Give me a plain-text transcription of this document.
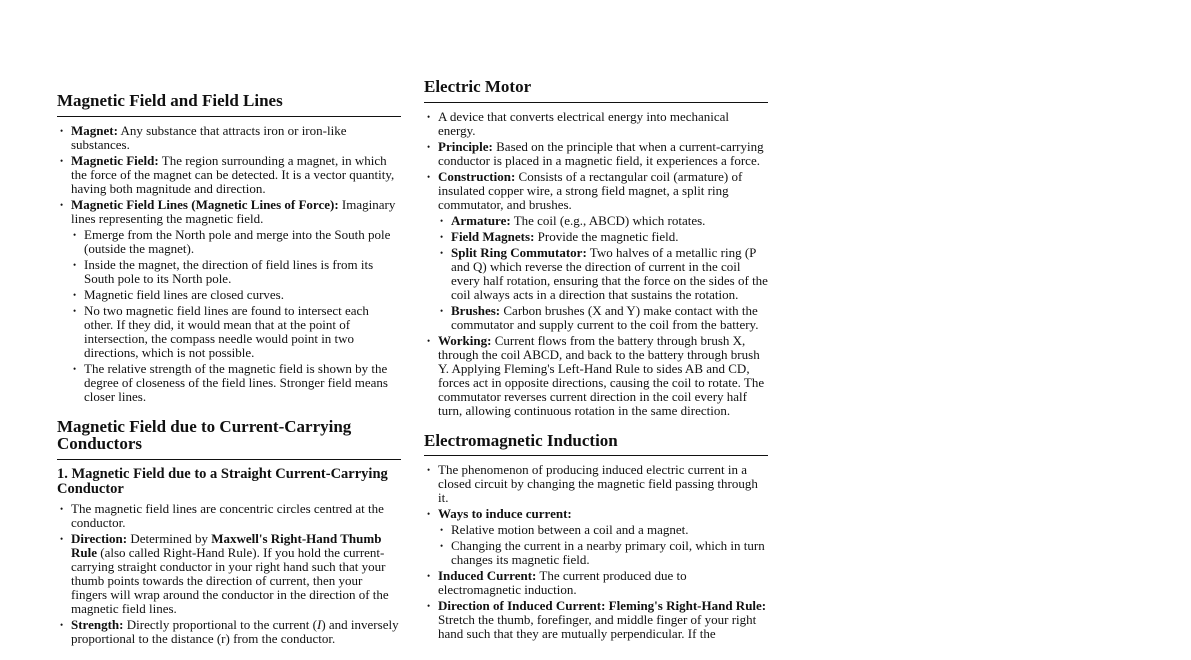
Magnetic Field and Field Lines
• Magnet: Any substance that attracts iron or iron-like substances.
• Magnetic Field: The region surrounding a magnet, in which the force of the magnet can be detected. It is a vector quantity, having both magnitude and direction.
• Magnetic Field Lines (Magnetic Lines of Force): Imaginary lines representing the magnetic field.
• Emerge from the North pole and merge into the South pole (outside the magnet).
• Inside the magnet, the direction of field lines is from its South pole to its North pole.
• Magnetic field lines are closed curves.
• No two magnetic field lines are found to intersect each other. If they did, it would mean that at the point of intersection, the compass needle would point in two directions, which is not possible.
• The relative strength of the magnetic field is shown by the degree of closeness of the field lines. Stronger field means closer lines.
Magnetic Field due to Current-Carrying Conductors
1. Magnetic Field due to a Straight Current-Carrying Conductor
• The magnetic field lines are concentric circles centred at the conductor.
• Direction: Determined by Maxwell's Right-Hand Thumb Rule (also called Right-Hand Rule). If you hold the current-carrying straight conductor in your right hand such that your thumb points towards the direction of current, then your fingers will wrap around the conductor in the direction of the magnetic field lines.
• Strength: Directly proportional to the current (I) and inversely proportional to the distance (r) from the conductor.
Electric Motor
• A device that converts electrical energy into mechanical energy.
• Principle: Based on the principle that when a current-carrying conductor is placed in a magnetic field, it experiences a force.
• Construction: Consists of a rectangular coil (armature) of insulated copper wire, a strong field magnet, a split ring commutator, and brushes.
• Armature: The coil (e.g., ABCD) which rotates.
• Field Magnets: Provide the magnetic field.
• Split Ring Commutator: Two halves of a metallic ring (P and Q) which reverse the direction of current in the coil every half rotation, ensuring that the force on the sides of the coil always acts in a direction that sustains the rotation.
• Brushes: Carbon brushes (X and Y) make contact with the commutator and supply current to the coil from the battery.
• Working: Current flows from the battery through brush X, through the coil ABCD, and back to the battery through brush Y. Applying Fleming's Left-Hand Rule to sides AB and CD, forces act in opposite directions, causing the coil to rotate. The commutator reverses current direction in the coil every half turn, allowing continuous rotation in the same direction.
Electromagnetic Induction
• The phenomenon of producing induced electric current in a closed circuit by changing the magnetic field passing through it.
• Ways to induce current:
• Relative motion between a coil and a magnet.
• Changing the current in a nearby primary coil, which in turn changes its magnetic field.
• Induced Current: The current produced due to electromagnetic induction.
• Direction of Induced Current: Fleming's Right-Hand Rule: Stretch the thumb, forefinger, and middle finger of your right hand such that they are mutually perpendicular. If the
